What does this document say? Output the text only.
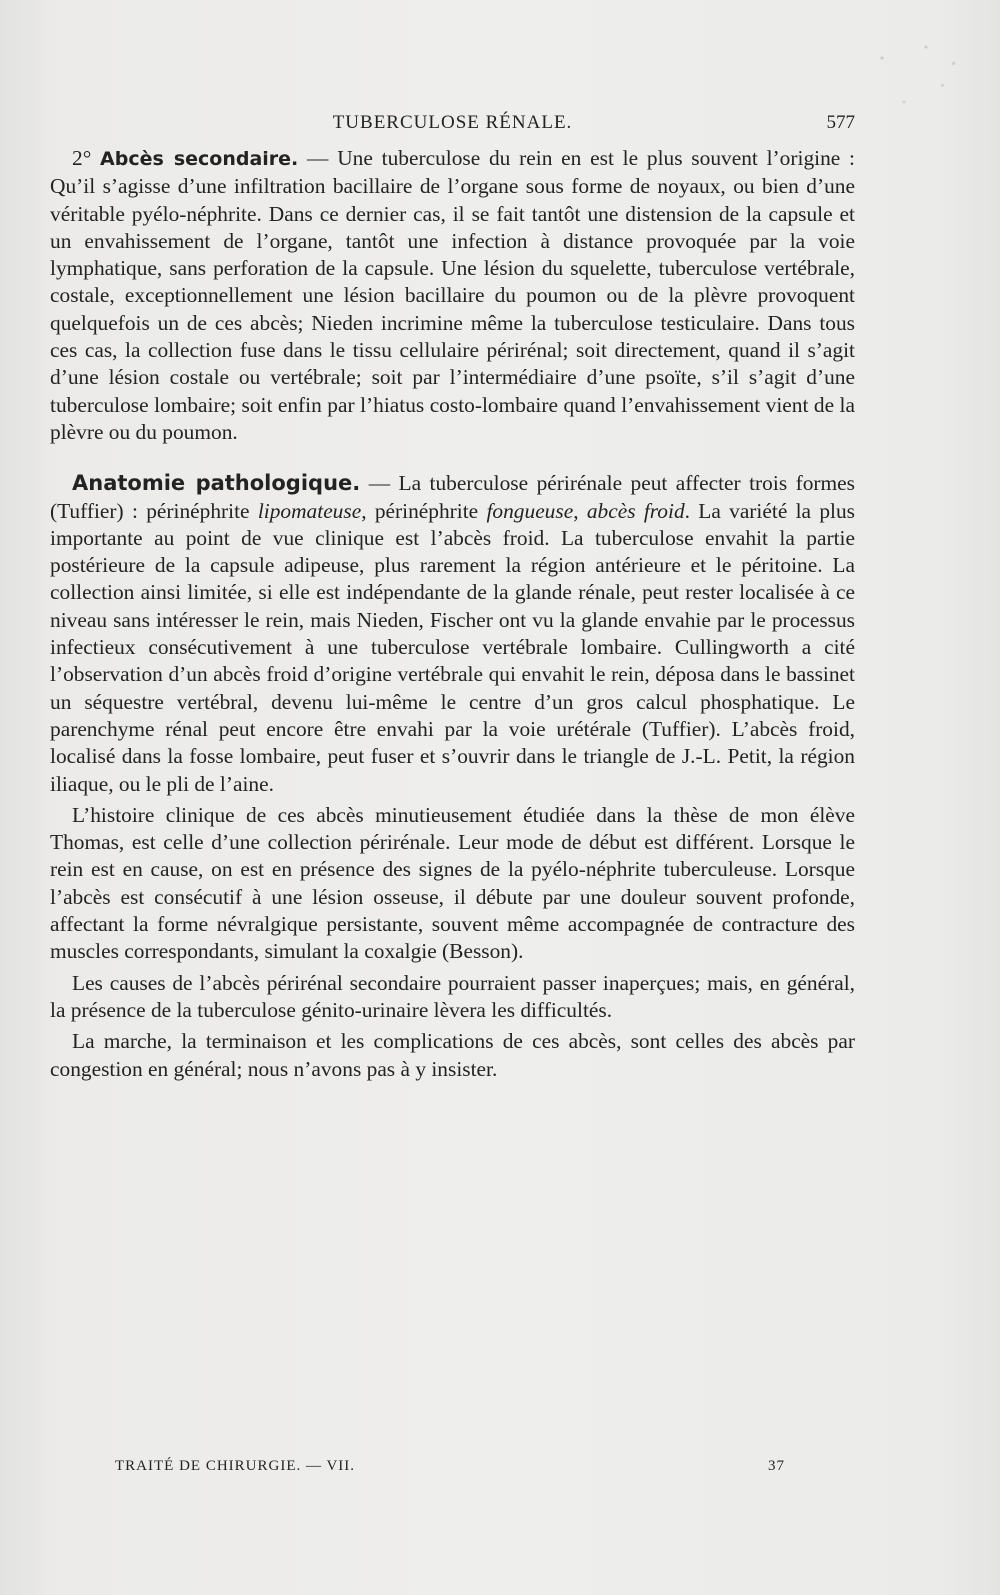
TUBERCULOSE RÉNALE.	577

2° Abcès secondaire. — Une tuberculose du rein en est le plus souvent l’origine : Qu’il s’agisse d’une infiltration bacillaire de l’organe sous forme de noyaux, ou bien d’une véritable pyélo-néphrite. Dans ce dernier cas, il se fait tantôt une distension de la capsule et un envahissement de l’organe, tantôt une infection à distance provoquée par la voie lymphatique, sans perforation de la capsule. Une lésion du squelette, tuberculose vertébrale, costale, exceptionnellement une lésion bacillaire du poumon ou de la plèvre provoquent quelquefois un de ces abcès; Nieden incrimine même la tuberculose testiculaire. Dans tous ces cas, la collection fuse dans le tissu cellulaire périrénal; soit directement, quand il s’agit d’une lésion costale ou vertébrale; soit par l’intermédiaire d’une psoïte, s’il s’agit d’une tuberculose lombaire; soit enfin par l’hiatus costo-lombaire quand l’envahissement vient de la plèvre ou du poumon.

Anatomie pathologique. — La tuberculose périrénale peut affecter trois formes (Tuffier) : périnéphrite lipomateuse, périnéphrite fongueuse, abcès froid. La variété la plus importante au point de vue clinique est l’abcès froid. La tuberculose envahit la partie postérieure de la capsule adipeuse, plus rarement la région antérieure et le péritoine. La collection ainsi limitée, si elle est indépendante de la glande rénale, peut rester localisée à ce niveau sans intéresser le rein, mais Nieden, Fischer ont vu la glande envahie par le processus infectieux consécutivement à une tuberculose vertébrale lombaire. Cullingworth a cité l’observation d’un abcès froid d’origine vertébrale qui envahit le rein, déposa dans le bassinet un séquestre vertébral, devenu lui-même le centre d’un gros calcul phosphatique. Le parenchyme rénal peut encore être envahi par la voie urétérale (Tuffier). L’abcès froid, localisé dans la fosse lombaire, peut fuser et s’ouvrir dans le triangle de J.-L. Petit, la région iliaque, ou le pli de l’aine.

L’histoire clinique de ces abcès minutieusement étudiée dans la thèse de mon élève Thomas, est celle d’une collection périrénale. Leur mode de début est différent. Lorsque le rein est en cause, on est en présence des signes de la pyélo-néphrite tuberculeuse. Lorsque l’abcès est consécutif à une lésion osseuse, il débute par une douleur souvent profonde, affectant la forme névralgique persistante, souvent même accompagnée de contracture des muscles correspondants, simulant la coxalgie (Besson).

Les causes de l’abcès périrénal secondaire pourraient passer inaperçues; mais, en général, la présence de la tuberculose génito-urinaire lèvera les difficultés.

La marche, la terminaison et les complications de ces abcès, sont celles des abcès par congestion en général; nous n’avons pas à y insister.

TRAITÉ DE CHIRURGIE. — VII.	37
